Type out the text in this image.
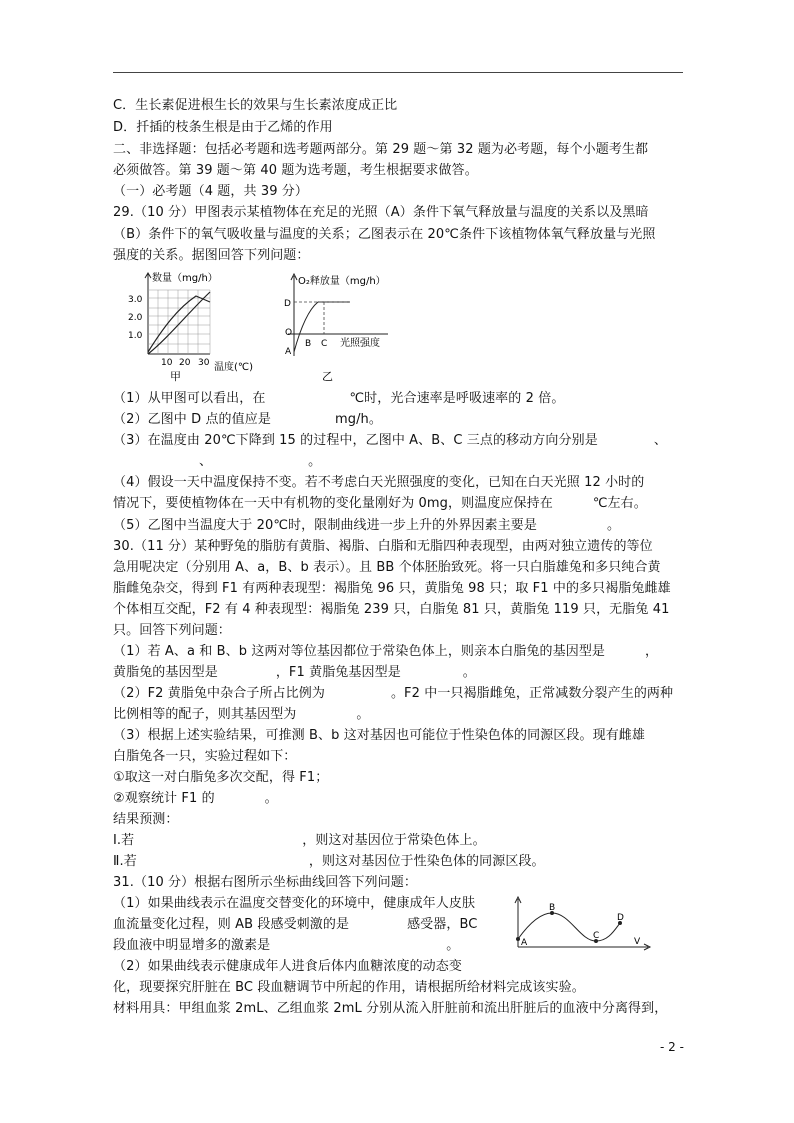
C．生长素促进根生长的效果与生长素浓度成正比
D．扦插的枝条生根是由于乙烯的作用
二、非选择题：包括必考题和选考题两部分。第 29 题～第 32 题为必考题，每个小题考生都
必须做答。第 39 题～第 40 题为选考题，考生根据要求做答。
（一）必考题（4 题，共 39 分）
29.（10 分）甲图表示某植物体在充足的光照（A）条件下氧气释放量与温度的关系以及黑暗
（B）条件下的氧气吸收量与温度的关系；乙图表示在 20℃条件下该植物体氧气释放量与光照
强度的关系。据图回答下列问题：
数量（mg/h）
3.0
2.0
1.0
10 20 30 温度(℃)
甲
O₂释放量（mg/h）
D
O
A
B C 光照强度
乙
（1）从甲图可以看出，在	℃时，光合速率是呼吸速率的 2 倍。
（2）乙图中 D 点的值应是	mg/h。
（3）在温度由 20℃下降到 15 的过程中，乙图中 A、B、C 三点的移动方向分别是	、
、	。
（4）假设一天中温度保持不变。若不考虑白天光照强度的变化，已知在白天光照 12 小时的
情况下，要使植物体在一天中有机物的变化量刚好为 0mg，则温度应保持在	℃左右。
（5）乙图中当温度大于 20℃时，限制曲线进一步上升的外界因素主要是	。
30.（11 分）某种野兔的脂肪有黄脂、褐脂、白脂和无脂四种表现型，由两对独立遗传的等位
急用呢决定（分别用 A、a，B、b 表示）。且 BB 个体胚胎致死。将一只白脂雄兔和多只纯合黄
脂雌兔杂交，得到 F1 有两种表现型：褐脂兔 96 只，黄脂兔 98 只；取 F1 中的多只褐脂兔雌雄
个体相互交配，F2 有 4 种表现型：褐脂兔 239 只，白脂兔 81 只，黄脂兔 119 只，无脂兔 41
只。回答下列问题：
（1）若 A、a 和 B、b 这两对等位基因都位于常染色体上，则亲本白脂兔的基因型是	，
黄脂兔的基因型是	，F1 黄脂兔基因型是	。
（2）F2 黄脂兔中杂合子所占比例为	。F2 中一只褐脂雌兔，正常减数分裂产生的两种
比例相等的配子，则其基因型为	。
（3）根据上述实验结果，可推测 B、b 这对基因也可能位于性染色体的同源区段。现有雌雄
白脂兔各一只，实验过程如下：
①取这一对白脂兔多次交配，得 F1；
②观察统计 F1 的	。
结果预测：
Ⅰ.若	，则这对基因位于常染色体上。
Ⅱ.若	，则这对基因位于性染色体的同源区段。
31.（10 分）根据右图所示坐标曲线回答下列问题：
（1）如果曲线表示在温度交替变化的环境中，健康成年人皮肤
血流量变化过程，则 AB 段感受刺激的是	感受器，BC
段血液中明显增多的激素是	。
（2）如果曲线表示健康成年人进食后体内血糖浓度的动态变
化，现要探究肝脏在 BC 段血糖调节中所起的作用，请根据所给材料完成该实验。
材料用具：甲组血浆 2mL、乙组血浆 2mL 分别从流入肝脏前和流出肝脏后的血液中分离得到，
A
B
C
D
V
- 2 -
